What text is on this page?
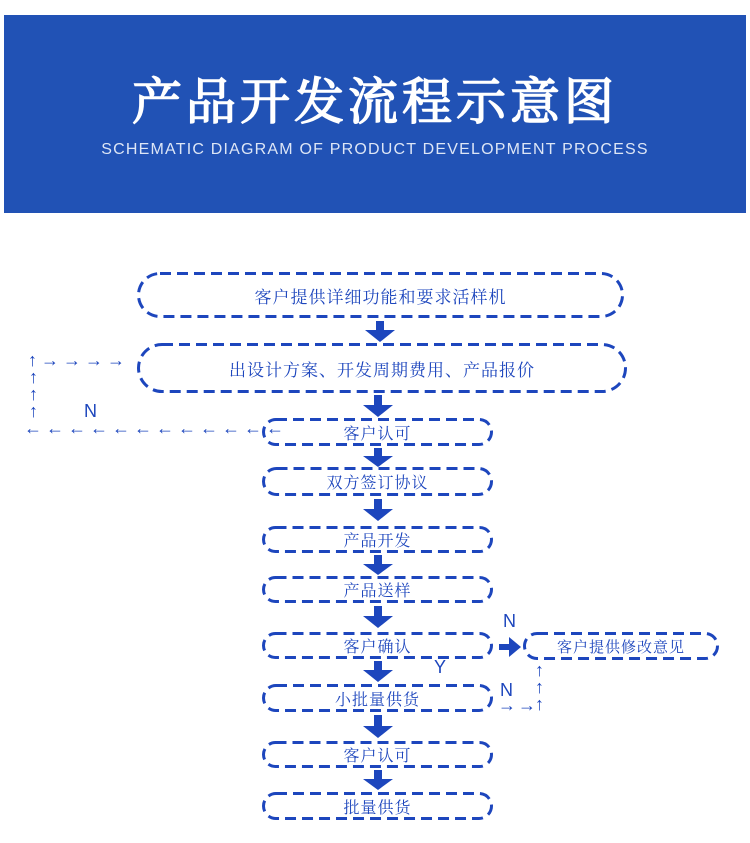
产品开发流程示意图
SCHEMATIC DIAGRAM OF PRODUCT DEVELOPMENT PROCESS
客户提供详细功能和要求活样机
出设计方案、开发周期费用、产品报价
↑ → → → →
↑
↑
↑	N
← ← ← ← ← ← ← ← ← ← ← ←	客户认可
双方签订协议
产品开发
产品送样
客户确认
N
客户提供修改意见
Y
小批量供货	N
→ →
↑
↑
↑
客户认可
批量供货
